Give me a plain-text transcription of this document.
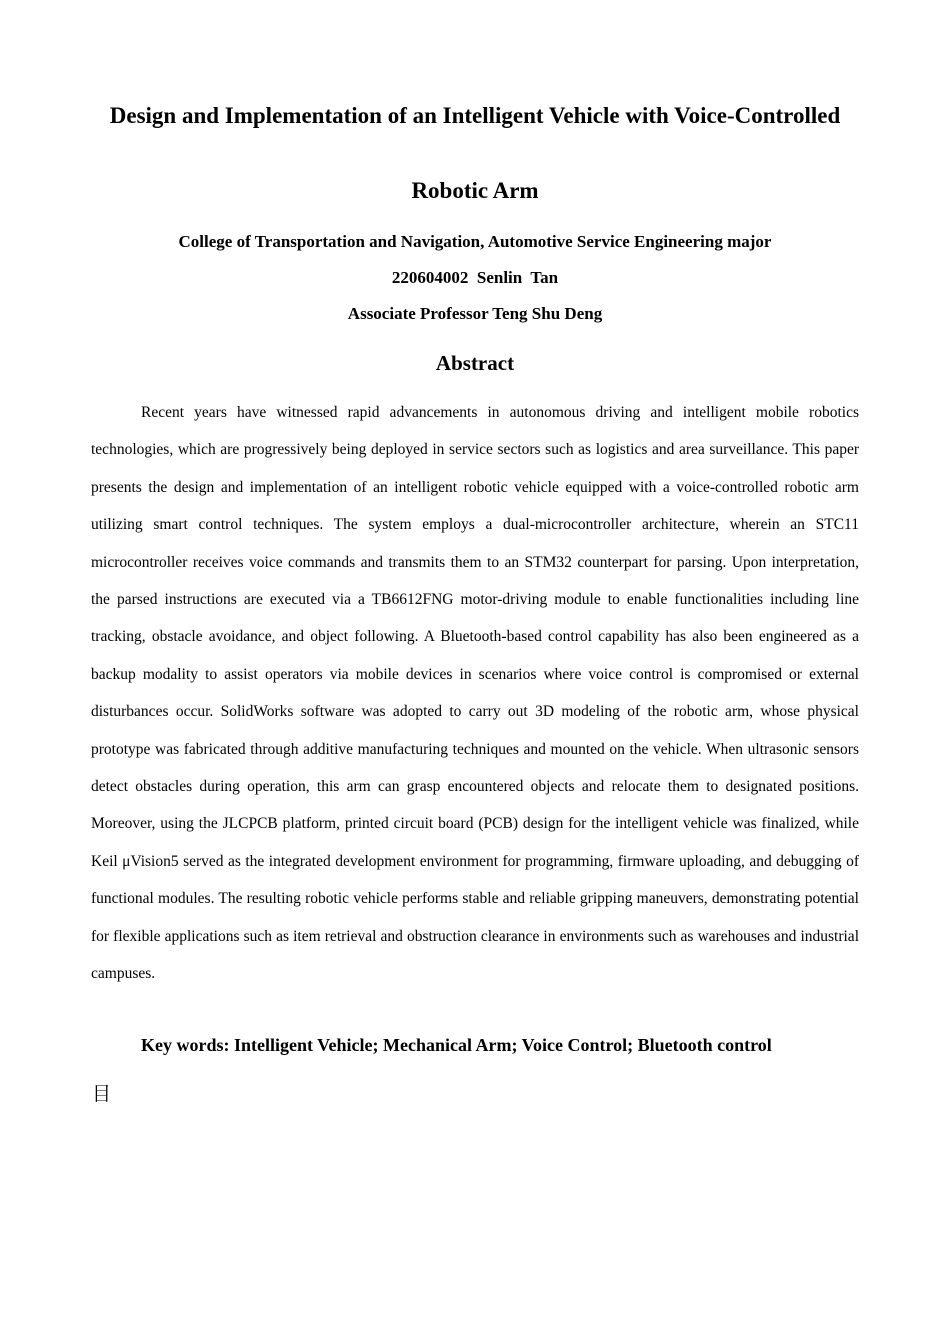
Design and Implementation of an Intelligent Vehicle with Voice-Controlled
Robotic Arm
College of Transportation and Navigation, Automotive Service Engineering major
220604002  Senlin  Tan
Associate Professor Teng Shu Deng
Abstract

Recent years have witnessed rapid advancements in autonomous driving and intelligent mobile robotics technologies, which are progressively being deployed in service sectors such as logistics and area surveillance. This paper presents the design and implementation of an intelligent robotic vehicle equipped with a voice-controlled robotic arm utilizing smart control techniques. The system employs a dual-microcontroller architecture, wherein an STC11 microcontroller receives voice commands and transmits them to an STM32 counterpart for parsing. Upon interpretation, the parsed instructions are executed via a TB6612FNG motor-driving module to enable functionalities including line tracking, obstacle avoidance, and object following. A Bluetooth-based control capability has also been engineered as a backup modality to assist operators via mobile devices in scenarios where voice control is compromised or external disturbances occur. SolidWorks software was adopted to carry out 3D modeling of the robotic arm, whose physical prototype was fabricated through additive manufacturing techniques and mounted on the vehicle. When ultrasonic sensors detect obstacles during operation, this arm can grasp encountered objects and relocate them to designated positions. Moreover, using the JLCPCB platform, printed circuit board (PCB) design for the intelligent vehicle was finalized, while Keil μVision5 served as the integrated development environment for programming, firmware uploading, and debugging of functional modules. The resulting robotic vehicle performs stable and reliable gripping maneuvers, demonstrating potential for flexible applications such as item retrieval and obstruction clearance in environments such as warehouses and industrial campuses.

Key words: Intelligent Vehicle; Mechanical Arm; Voice Control; Bluetooth control
目
